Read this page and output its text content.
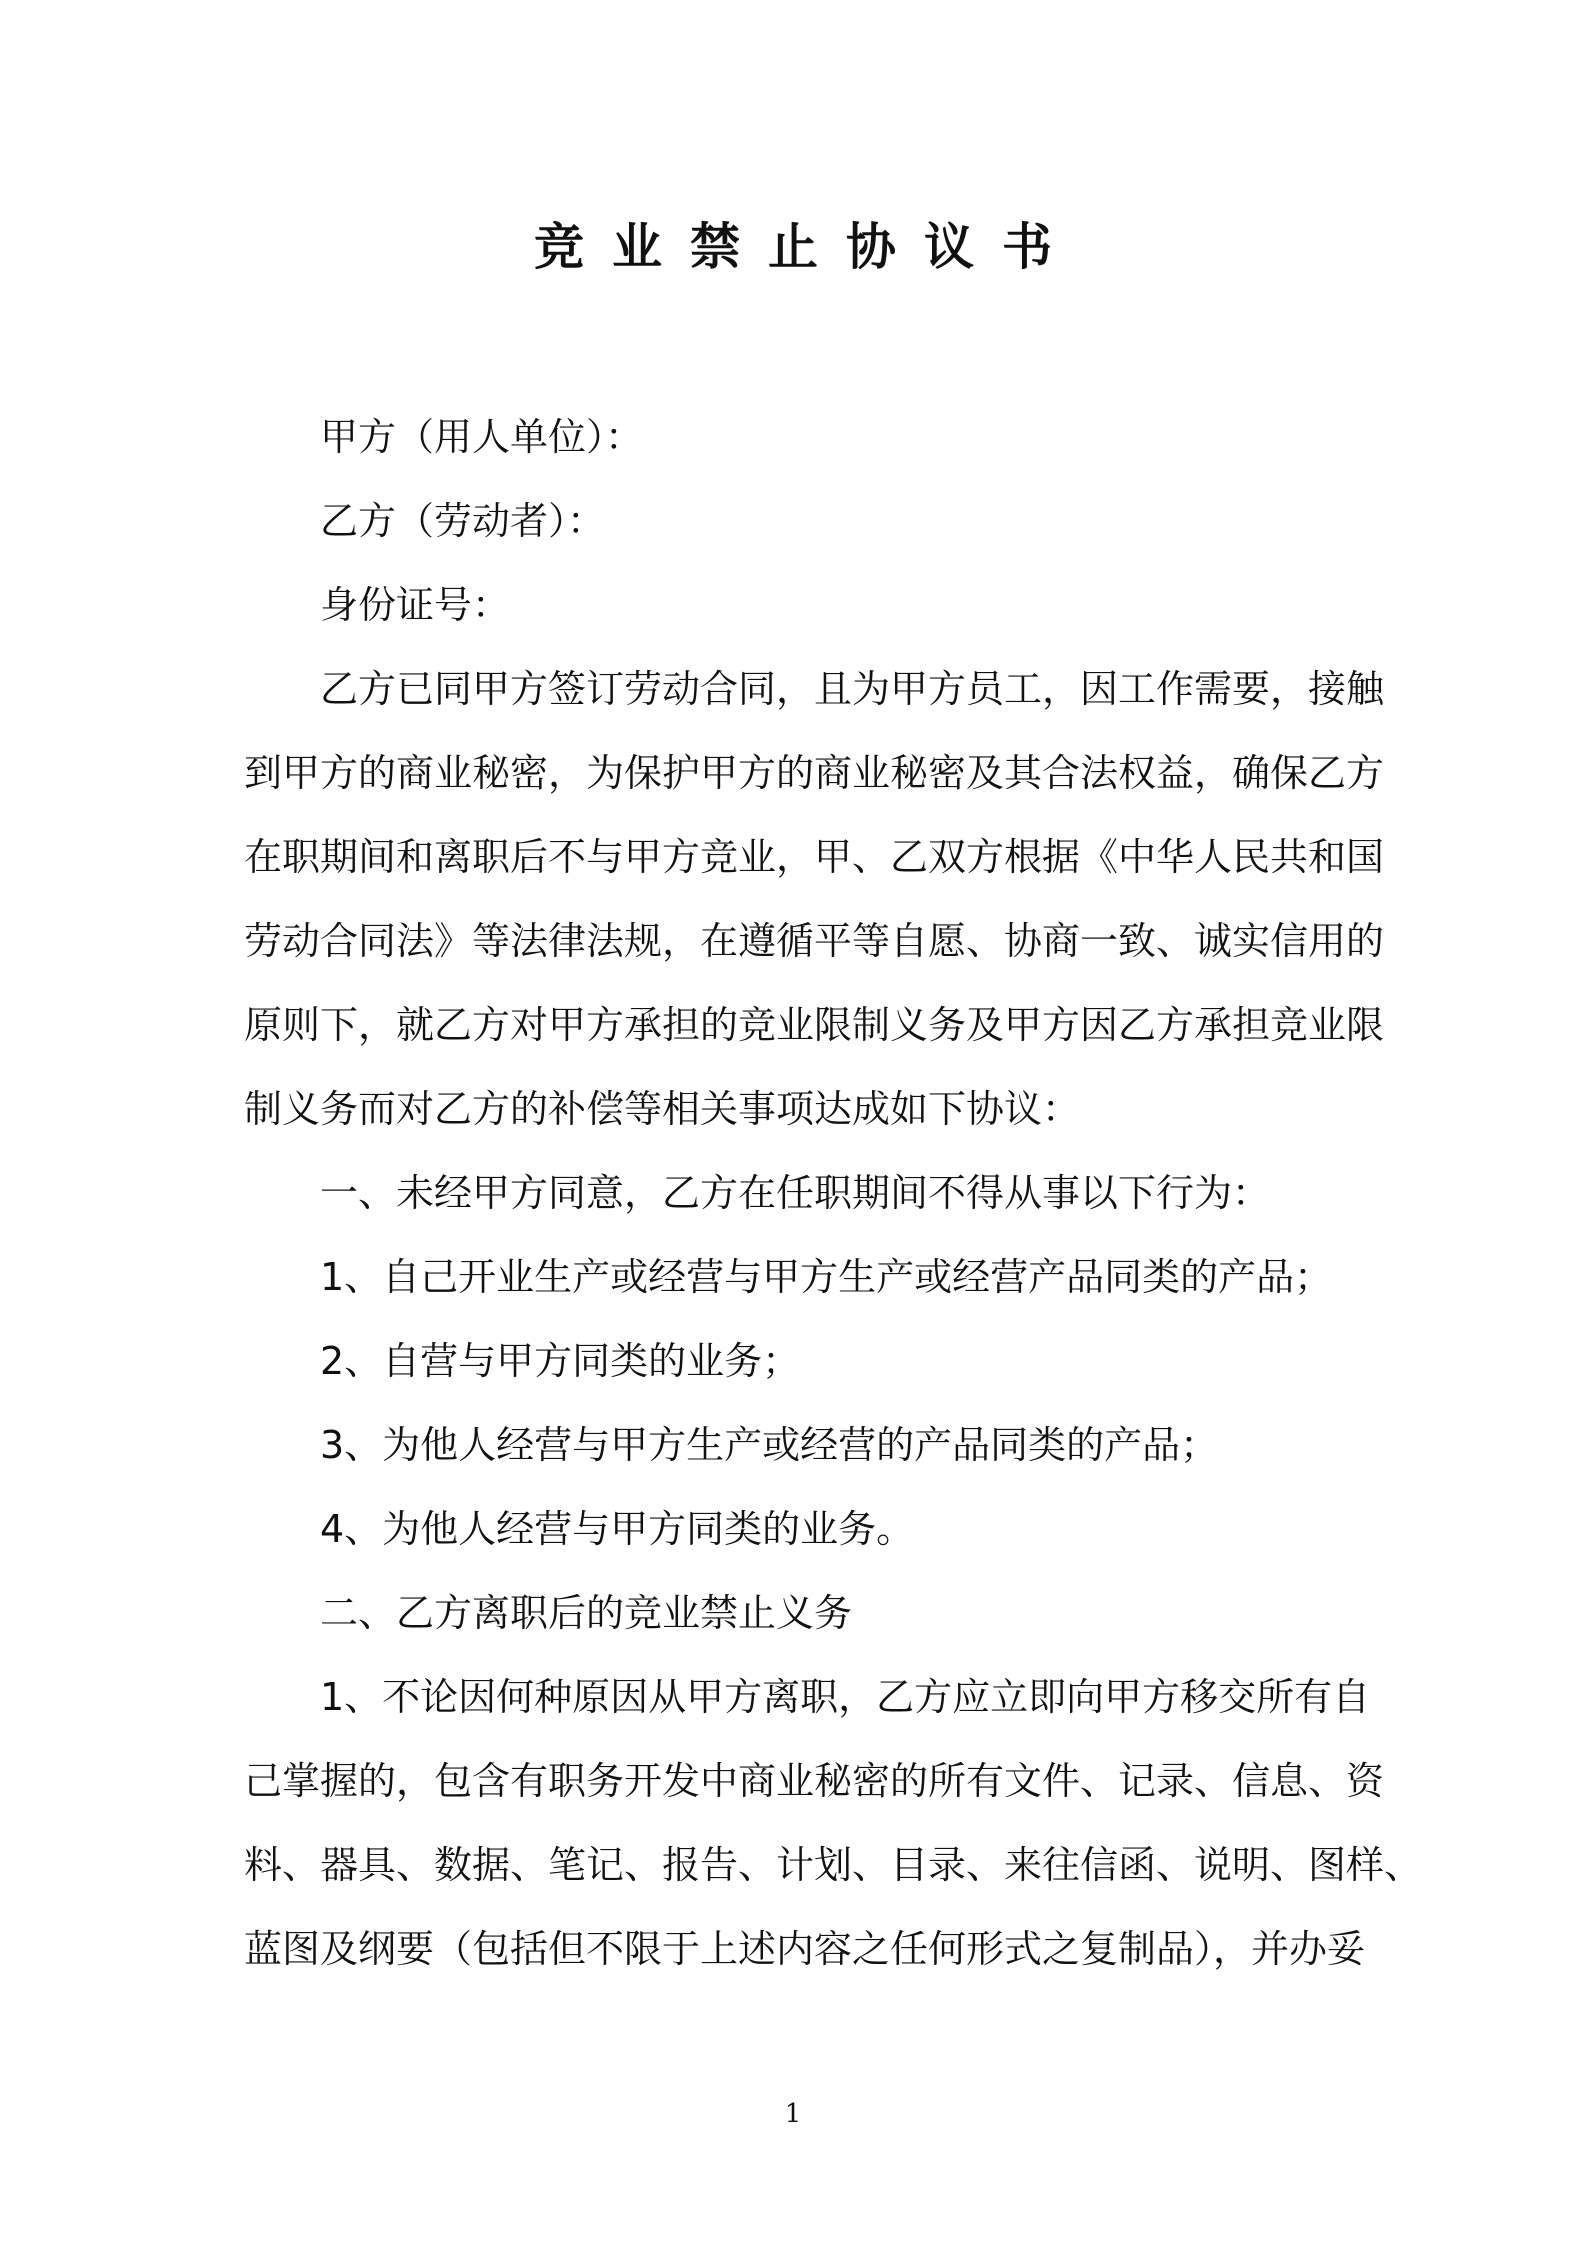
竞业禁止协议书
甲方（用人单位）：
乙方（劳动者）：
身份证号：
乙方已同甲方签订劳动合同，且为甲方员工，因工作需要，接触
到甲方的商业秘密，为保护甲方的商业秘密及其合法权益，确保乙方
在职期间和离职后不与甲方竞业，甲、乙双方根据《中华人民共和国
劳动合同法》等法律法规，在遵循平等自愿、协商一致、诚实信用的
原则下，就乙方对甲方承担的竞业限制义务及甲方因乙方承担竞业限
制义务而对乙方的补偿等相关事项达成如下协议：
一、未经甲方同意，乙方在任职期间不得从事以下行为：
1、自己开业生产或经营与甲方生产或经营产品同类的产品；
2、自营与甲方同类的业务；
3、为他人经营与甲方生产或经营的产品同类的产品；
4、为他人经营与甲方同类的业务。
二、乙方离职后的竞业禁止义务
1、不论因何种原因从甲方离职，乙方应立即向甲方移交所有自
己掌握的，包含有职务开发中商业秘密的所有文件、记录、信息、资
料、器具、数据、笔记、报告、计划、目录、来往信函、说明、图样、
蓝图及纲要（包括但不限于上述内容之任何形式之复制品），并办妥
1
